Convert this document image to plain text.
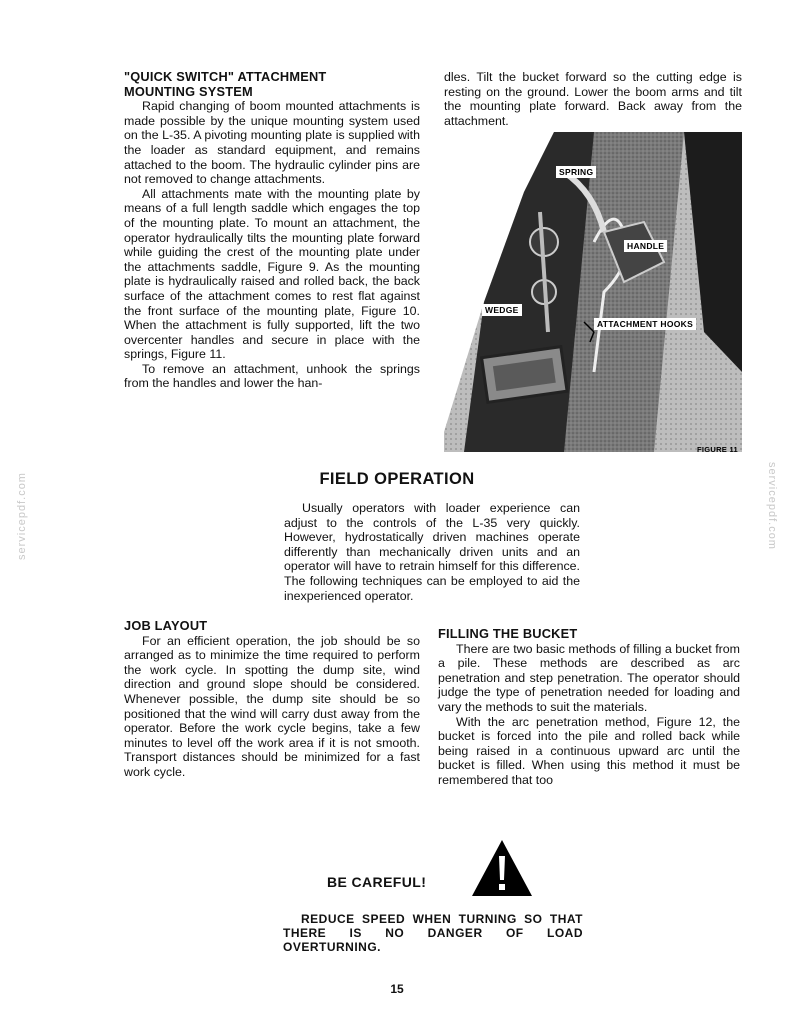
servicepdf.com	servicepdf.com
"QUICK SWITCH" ATTACHMENT
MOUNTING SYSTEM

Rapid changing of boom mounted attachments is made possible by the unique mounting system used on the L-35. A pivoting mounting plate is supplied with the loader as standard equipment, and remains attached to the boom. The hydraulic cylinder pins are not removed to change attachments.

All attachments mate with the mounting plate by means of a full length saddle which engages the top of the mounting plate. To mount an attachment, the operator hydraulically tilts the mounting plate forward while guiding the crest of the mounting plate under the attachments saddle, Figure 9. As the mounting plate is hydraulically raised and rolled back, the back surface of the attachment comes to rest flat against the front surface of the mounting plate, Figure 10. When the attachment is fully supported, lift the two overcenter handles and secure in place with the springs, Figure 11.

To remove an attachment, unhook the springs from the handles and lower the han-

dles. Tilt the bucket forward so the cutting edge is resting on the ground. Lower the boom arms and tilt the mounting plate forward. Back away from the attachment.

SPRING
HANDLE
WEDGE
ATTACHMENT HOOKS
FIGURE 11
FIELD OPERATION

Usually operators with loader experience can adjust to the controls of the L-35 very quickly. However, hydrostatically driven machines operate differently than mechanically driven units and an operator will have to retrain himself for this difference. The following techniques can be employed to aid the inexperienced operator.

JOB LAYOUT

For an efficient operation, the job should be so arranged as to minimize the time required to perform the work cycle. In spotting the dump site, wind direction and ground slope should be considered. Whenever possible, the dump site should be so positioned that the wind will carry dust away from the operator. Before the work cycle begins, take a few minutes to level off the work area if it is not smooth. Transport distances should be minimized for a fast work cycle.

FILLING THE BUCKET

There are two basic methods of filling a bucket from a pile. These methods are described as arc penetration and step penetration. The operator should judge the type of penetration needed for loading and vary the methods to suit the materials.

With the arc penetration method, Figure 12, the bucket is forced into the pile and rolled back while being raised in a continuous upward arc until the bucket is filled. When using this method it must be remembered that too

BE CAREFUL!
REDUCE SPEED WHEN TURNING SO THAT THERE IS NO DANGER OF LOAD OVERTURNING.
15
